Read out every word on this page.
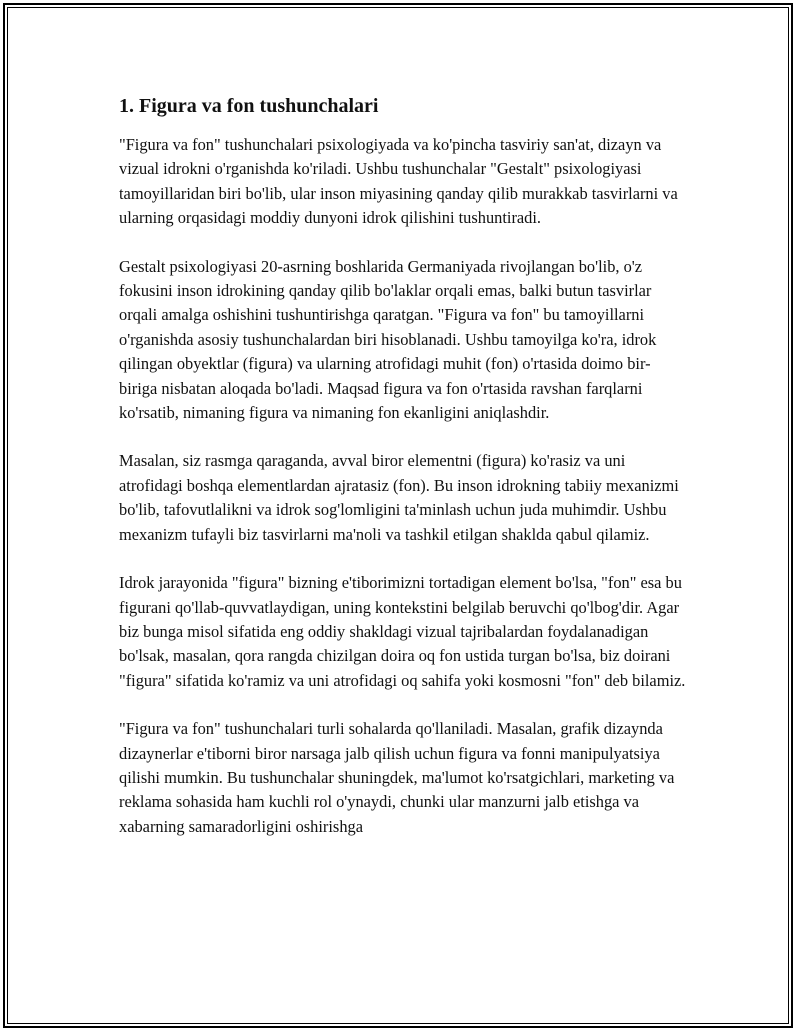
1. Figura va fon tushunchalari

"Figura va fon" tushunchalari psixologiyada va ko'pincha tasviriy san'at, dizayn va vizual idrokni o'rganishda ko'riladi. Ushbu tushunchalar "Gestalt" psixologiyasi tamoyillaridan biri bo'lib, ular inson miyasining qanday qilib murakkab tasvirlarni va ularning orqasidagi moddiy dunyoni idrok qilishini tushuntiradi.

Gestalt psixologiyasi 20-asrning boshlarida Germaniyada rivojlangan bo'lib, o'z fokusini inson idrokining qanday qilib bo'laklar orqali emas, balki butun tasvirlar orqali amalga oshishini tushuntirishga qaratgan. "Figura va fon" bu tamoyillarni o'rganishda asosiy tushunchalardan biri hisoblanadi. Ushbu tamoyilga ko'ra, idrok qilingan obyektlar (figura) va ularning atrofidagi muhit (fon) o'rtasida doimo bir-biriga nisbatan aloqada bo'ladi. Maqsad figura va fon o'rtasida ravshan farqlarni ko'rsatib, nimaning figura va nimaning fon ekanligini aniqlashdir.

Masalan, siz rasmga qaraganda, avval biror elementni (figura) ko'rasiz va uni atrofidagi boshqa elementlardan ajratasiz (fon). Bu inson idrokning tabiiy mexanizmi bo'lib, tafovutlalikni va idrok sog'lomligini ta'minlash uchun juda muhimdir. Ushbu mexanizm tufayli biz tasvirlarni ma'noli va tashkil etilgan shaklda qabul qilamiz.

Idrok jarayonida "figura" bizning e'tiborimizni tortadigan element bo'lsa, "fon" esa bu figurani qo'llab-quvvatlaydigan, uning kontekstini belgilab beruvchi qo'lbog'dir. Agar biz bunga misol sifatida eng oddiy shakldagi vizual tajribalardan foydalanadigan bo'lsak, masalan, qora rangda chizilgan doira oq fon ustida turgan bo'lsa, biz doirani "figura" sifatida ko'ramiz va uni atrofidagi oq sahifa yoki kosmosni "fon" deb bilamiz.

"Figura va fon" tushunchalari turli sohalarda qo'llaniladi. Masalan, grafik dizaynda dizaynerlar e'tiborni biror narsaga jalb qilish uchun figura va fonni manipulyatsiya qilishi mumkin. Bu tushunchalar shuningdek, ma'lumot ko'rsatgichlari, marketing va reklama sohasida ham kuchli rol o'ynaydi, chunki ular manzurni jalb etishga va xabarning samaradorligini oshirishga
